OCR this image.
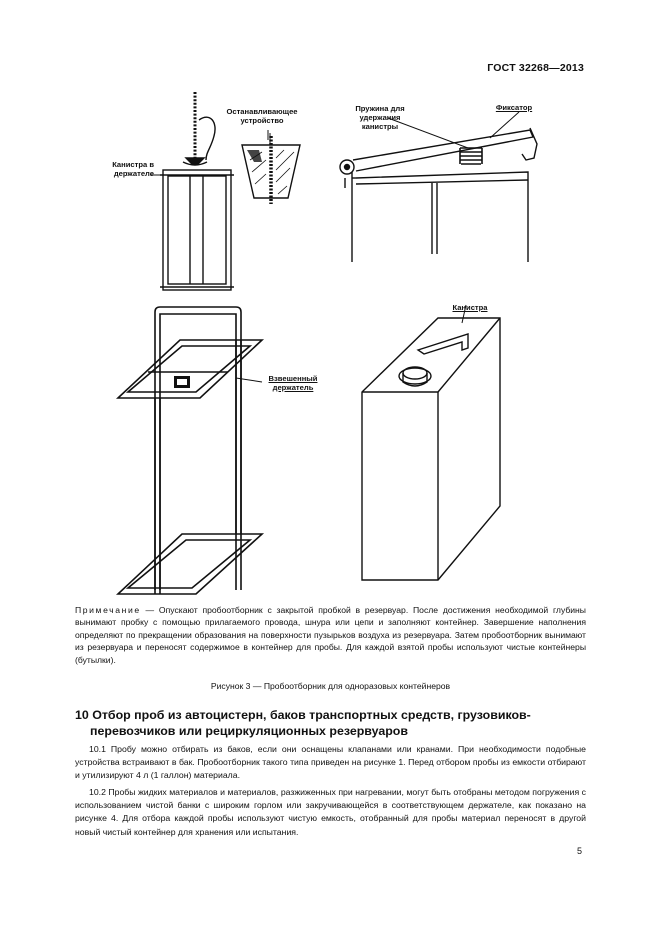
ГОСТ 32268—2013
Останавливающее устройство
Канистра в держателе
Пружина для удержания канистры
Фиксатор
Канистра
Взвешенный держатель
Примечание — Опускают пробоотборник с закрытой пробкой в резервуар. После достижения необходимой глубины вынимают пробку с помощью прилагаемого провода, шнура или цепи и заполняют контейнер. Завершение наполнения определяют по прекращении образования на поверхности пузырьков воздуха из резервуара. Затем пробоотборник вынимают из резервуара и переносят содержимое в контейнер для пробы. Для каждой взятой пробы используют чистые контейнеры (бутылки).
Рисунок 3 — Пробоотборник для одноразовых контейнеров
10 Отбор проб из автоцистерн, баков транспортных средств, грузовиков-
перевозчиков или рециркуляционных резервуаров
10.1 Пробу можно отбирать из баков, если они оснащены клапанами или кранами. При необходимости подобные устройства встраивают в бак. Пробоотборник такого типа приведен на рисунке 1. Перед отбором пробы из емкости отбирают и утилизируют 4 л (1 галлон) материала.
10.2 Пробы жидких материалов и материалов, разжиженных при нагревании, могут быть отобраны методом погружения с использованием чистой банки с широким горлом или закручивающейся в соответствующем держателе, как показано на рисунке 4. Для отбора каждой пробы используют чистую емкость, отобранный для пробы материал переносят в другой новый чистый контейнер для хранения или испытания.
5
